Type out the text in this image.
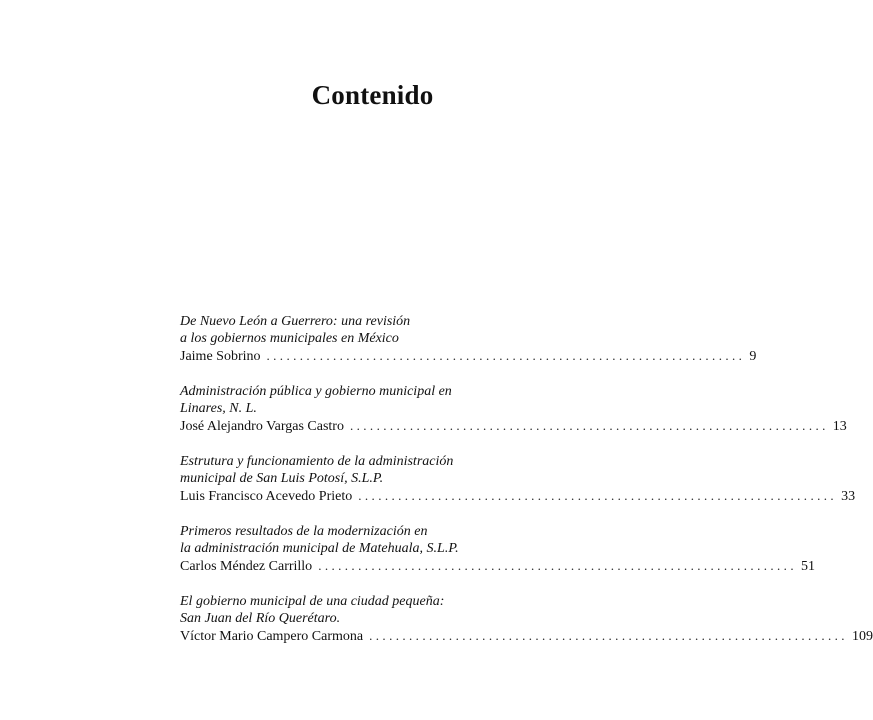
Contenido
De Nuevo León a Guerrero: una revisión
a los gobiernos municipales en México
Jaime Sobrino ........................................................................ 9
Administración pública y gobierno municipal en
Linares, N. L.
José Alejandro Vargas Castro ........................................................................ 13
Estrutura y funcionamiento de la administración
municipal de San Luis Potosí, S.L.P.
Luis Francisco Acevedo Prieto ........................................................................ 33
Primeros resultados de la modernización en
la administración municipal de Matehuala, S.L.P.
Carlos Méndez Carrillo ........................................................................ 51
El gobierno municipal de una ciudad pequeña:
San Juan del Río Querétaro.
Víctor Mario Campero Carmona ........................................................................ 109
